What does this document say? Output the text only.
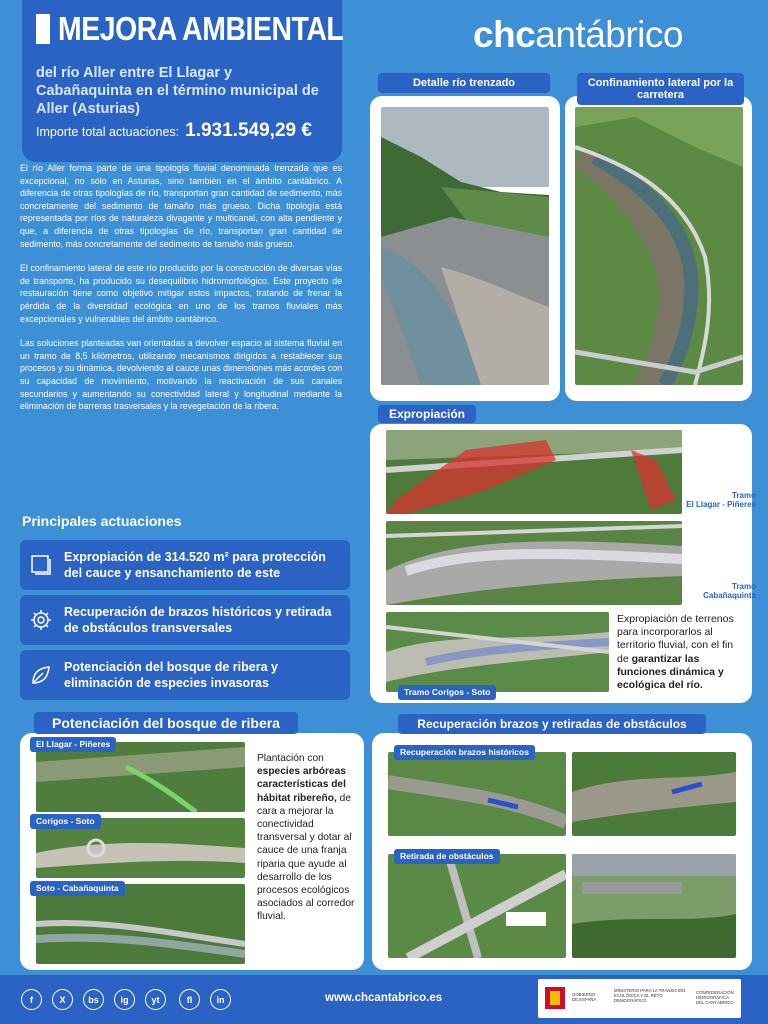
MEJORA AMBIENTAL
del río Aller entre El Llagar y Cabañaquinta en el término municipal de Aller (Asturias)
Importe total actuaciones: 1.931.549,29 €
chcantábrico

El río Aller forma parte de una tipología fluvial denominada trenzada que es excepcional, no sólo en Asturias, sino también en el ámbito cantábrico. A diferencia de otras tipologías de río, transportan gran cantidad de sedimento, más concretamente del sedimento de tamaño más grueso. Dicha tipología está representada por ríos de naturaleza divagante y multicanal, con alta pendiente y que, a diferencia de otras tipologías de río, transportan gran cantidad de sedimento, más concretamente del sedimento de tamaño más grueso.

El confinamiento lateral de este río producido por la construcción de diversas vías de transporte, ha producido su desequilibrio hidromorfológico. Este proyecto de restauración tiene como objetivo mitigar estos impactos, tratando de frenar la pérdida de la diversidad ecológica en uno de los tramos fluviales más excepcionales y vulnerables del ámbito cantábrico.

Las soluciones planteadas van orientadas a devolver espacio al sistema fluvial en un tramo de 8,5 kilómetros, utilizando mecanismos dirigidos a restablecer sus procesos y su dinámica, devolviendo al cauce unas dimensiones más acordes con su capacidad de movimiento, motivando la reactivación de sus canales secundarios y aumentando su conectividad lateral y longitudinal mediante la eliminación de barreras trasversales y la revegetación de la ribera.

Principales actuaciones
Expropiación de 314.520 m² para protección del cauce y ensanchamiento de este
Recuperación de brazos históricos y retirada de obstáculos transversales
Potenciación del bosque de ribera y eliminación de especies invasoras
Detalle río trenzado	Confinamiento lateral por la carretera
Expropiación
Tramo
El Llagar - Piñeres
Tramo
Cabañaquinta
Tramo Corigos - Soto
Expropiación de terrenos para incorporarlos al territorio fluvial, con el fin de garantizar las funciones dinámica y ecológica del río.
Potenciación del bosque de ribera
El Llagar - Piñeres
Corigos - Soto
Soto - Cabañaquinta
Plantación con especies arbóreas características del hábitat ribereño, de cara a mejorar la conectividad transversal y dotar al cauce de una franja riparia que ayude al desarrollo de los procesos ecológicos asociados al corredor fluvial.
Recuperación brazos y retiradas de obstáculos
Recuperación brazos históricos
Retirada de obstáculos
f	X	bs	ig	yt	fl	in	www.chcantabrico.es	GOBIERNO DE ESPAÑA
MINISTERIO PARA LA TRANSICIÓN ECOLÓGICA Y EL RETO DEMOGRÁFICO
CONFEDERACIÓN HIDROGRÁFICA DEL CANTÁBRICO
